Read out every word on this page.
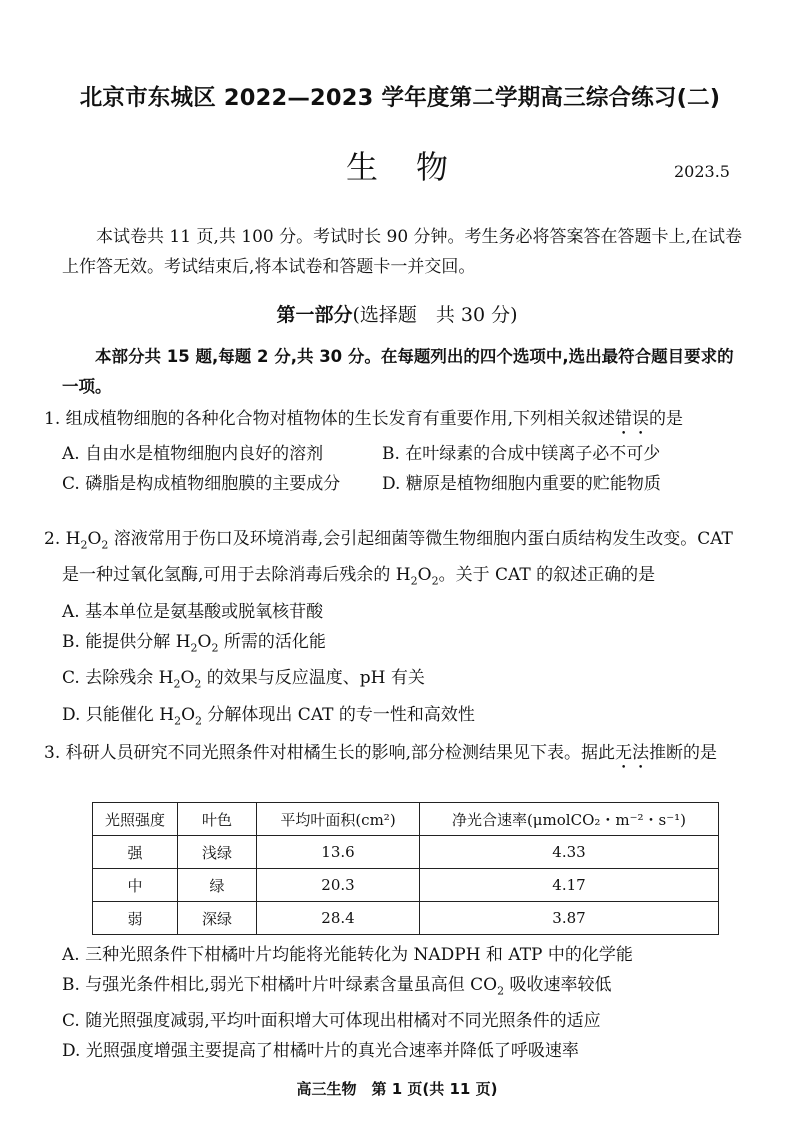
北京市东城区 2022—2023 学年度第二学期高三综合练习(二)
生物	2023.5
本试卷共 11 页,共 100 分。考试时长 90 分钟。考生务必将答案答在答题卡上,在试卷上作答无效。考试结束后,将本试卷和答题卡一并交回。
第一部分(选择题　共 30 分)
本部分共 15 题,每题 2 分,共 30 分。在每题列出的四个选项中,选出最符合题目要求的一项。
1. 组成植物细胞的各种化合物对植物体的生长发育有重要作用,下列相关叙述错误的是
A. 自由水是植物细胞内良好的溶剂	B. 在叶绿素的合成中镁离子必不可少
C. 磷脂是构成植物细胞膜的主要成分	D. 糖原是植物细胞内重要的贮能物质
2. $H_2O_2$ 溶液常用于伤口及环境消毒,会引起细菌等微生物细胞内蛋白质结构发生改变。CAT 是一种过氧化氢酶,可用于去除消毒后残余的 $H_2O_2$。关于 CAT 的叙述正确的是
A. 基本单位是氨基酸或脱氧核苷酸
B. 能提供分解 $H_2O_2$ 所需的活化能
C. 去除残余 $H_2O_2$ 的效果与反应温度、pH 有关
D. 只能催化 $H_2O_2$ 分解体现出 CAT 的专一性和高效性
3. 科研人员研究不同光照条件对柑橘生长的影响,部分检测结果见下表。据此无法推断的是
光照强度	叶色	平均叶面积(cm²)	净光合速率(μmolCO₂・m⁻²・s⁻¹)
强	浅绿	13.6	4.33
中	绿	20.3	4.17
弱	深绿	28.4	3.87
A. 三种光照条件下柑橘叶片均能将光能转化为 NADPH 和 ATP 中的化学能
B. 与强光条件相比,弱光下柑橘叶片叶绿素含量虽高但 $CO_2$ 吸收速率较低
C. 随光照强度减弱,平均叶面积增大可体现出柑橘对不同光照条件的适应
D. 光照强度增强主要提高了柑橘叶片的真光合速率并降低了呼吸速率
高三生物　第 1 页(共 11 页)
